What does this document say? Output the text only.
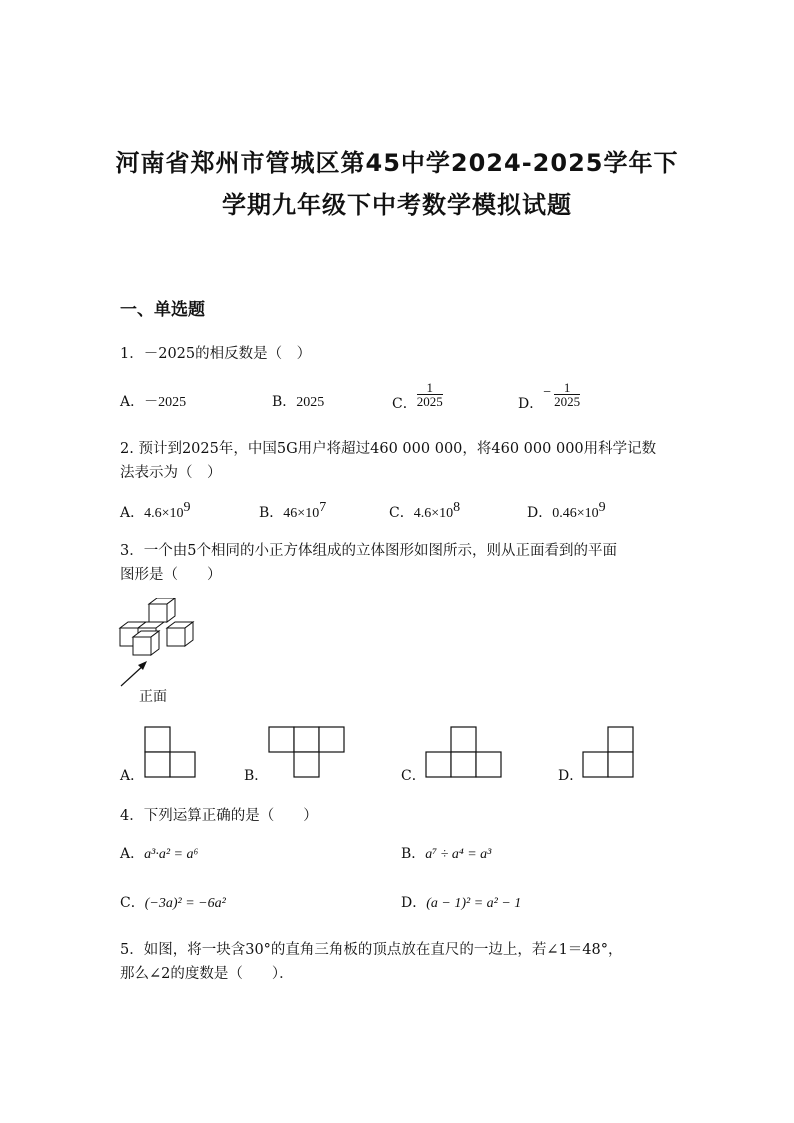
河南省郑州市管城区第45中学2024-2025学年下
学期九年级下中考数学模拟试题
一、单选题
1．－2025的相反数是（　）
A．－2025	B．2025	C． $\frac{1}{2025}$	D．− $\frac{1}{2025}$
2. 预计到2025年，中国5G用户将超过460 000 000，将460 000 000用科学记数
法表示为（　）
A．$4.6\times 10^9$	B．$46\times 10^7$	C．$4.6\times 10^8$	D．$0.46\times 10^9$
3．一个由5个相同的小正方体组成的立体图形如图所示，则从正面看到的平面
图形是（　　）
正面
A．	B．	C．	D．
4．下列运算正确的是（　　）
A．a³·a² = a⁶	B．a⁷ ÷ a⁴ = a³
C．(−3a)² = −6a²	D．(a − 1)² = a² − 1
5．如图，将一块含30°的直角三角板的顶点放在直尺的一边上，若∠1＝48°，
那么∠2的度数是（　　）．
